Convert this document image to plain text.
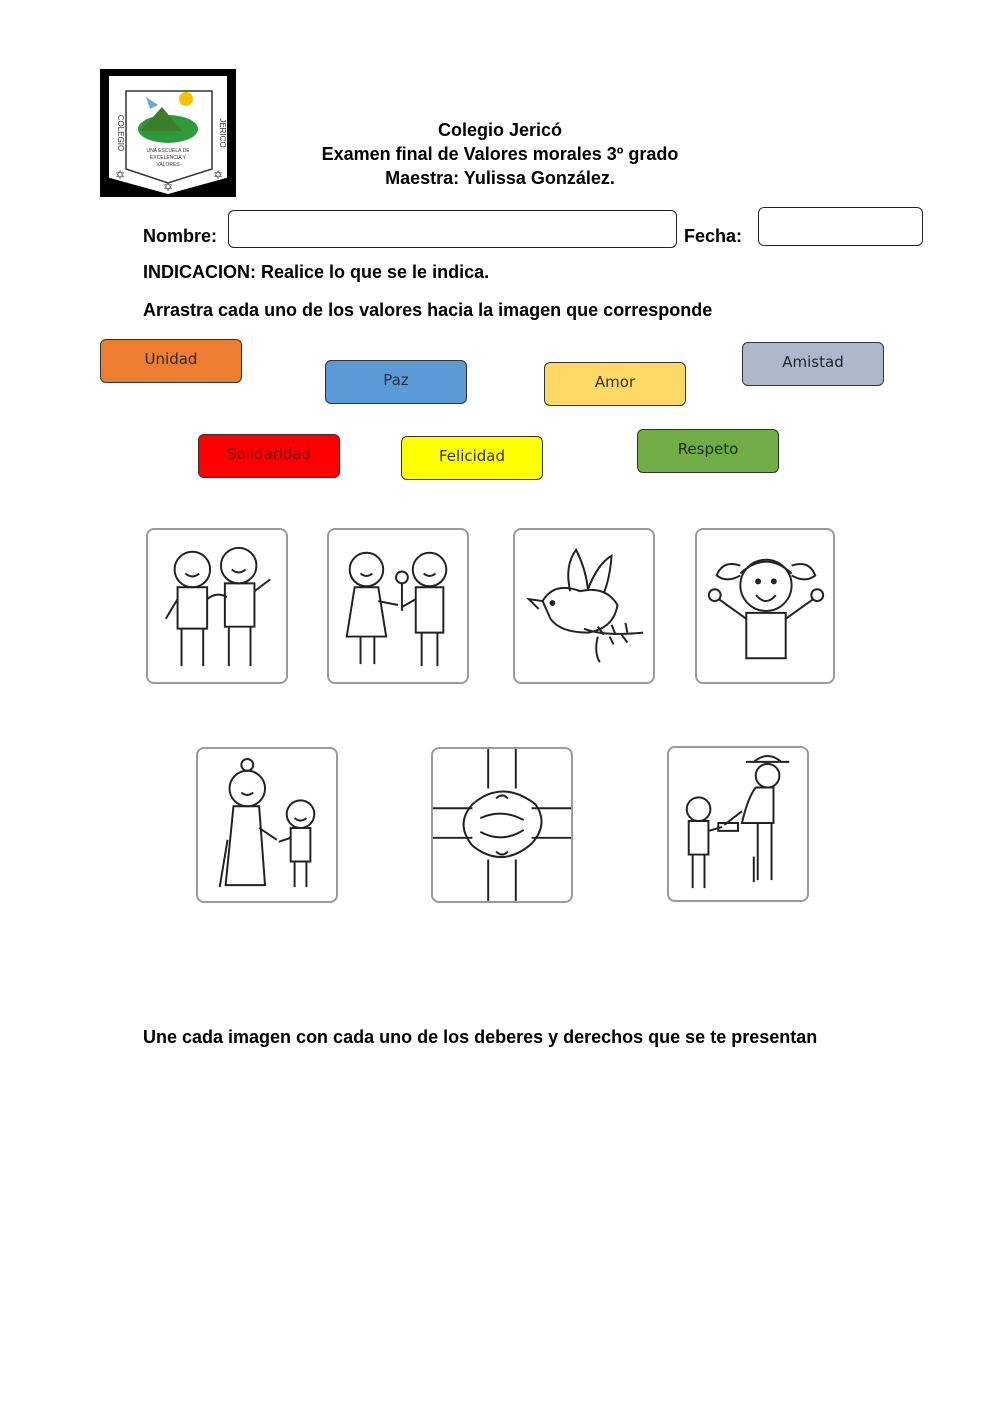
COLEGIO	JERICO
UNA ESCUELA DE
EXCELENCIA Y
VALORES
✡
✡
✡
Colegio Jericó
Examen final de Valores morales 3º grado
Maestra: Yulissa González.
Nombre:	Fecha:
INDICACION: Realice lo que se le indica.
Arrastra cada uno de los valores hacia la imagen que corresponde
Unidad
Paz	Amor
Amistad
Solidaridad	Felicidad	Respeto
Une cada imagen con cada uno de los deberes y derechos que se te presentan
